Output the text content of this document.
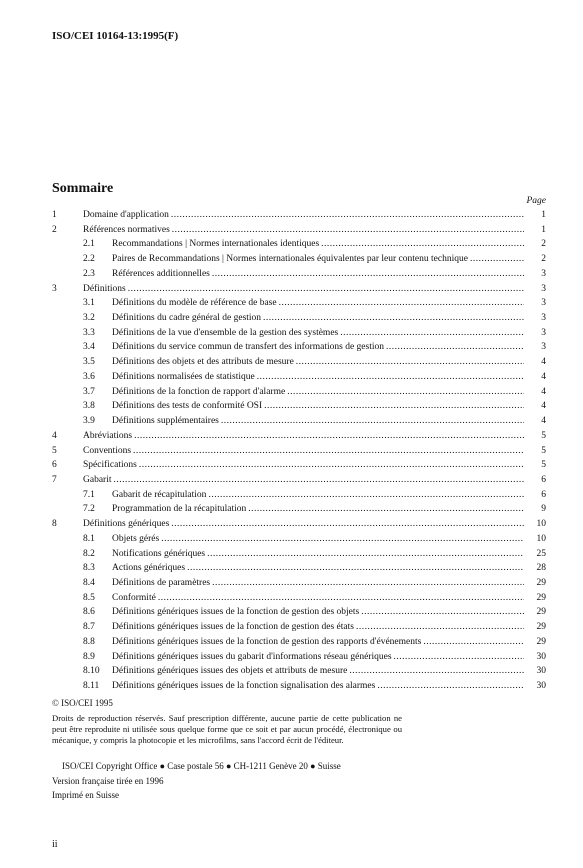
ISO/CEI 10164-13:1995(F)
Sommaire
Page
1	Domaine d'application .....	1
2	Références normatives .....	1
2.1 Recommandations | Normes internationales identiques .....	2
2.2 Paires de Recommandations | Normes internationales équivalentes par leur contenu technique .....	2
2.3 Références additionnelles .....	3
3	Définitions .....	3
3.1 Définitions du modèle de référence de base .....	3
3.2 Définitions du cadre général de gestion .....	3
3.3 Définitions de la vue d'ensemble de la gestion des systèmes .....	3
3.4 Définitions du service commun de transfert des informations de gestion .....	3
3.5 Définitions des objets et des attributs de mesure .....	4
3.6 Définitions normalisées de statistique .....	4
3.7 Définitions de la fonction de rapport d'alarme .....	4
3.8 Définitions des tests de conformité OSI .....	4
3.9 Définitions supplémentaires .....	4
4	Abréviations .....	5
5	Conventions .....	5
6	Spécifications .....	5
7	Gabarit .....	6
7.1 Gabarit de récapitulation .....	6
7.2 Programmation de la récapitulation .....	9
8	Définitions génériques .....	10
8.1 Objets gérés .....	10
8.2 Notifications génériques .....	25
8.3 Actions génériques .....	28
8.4 Définitions de paramètres .....	29
8.5 Conformité .....	29
8.6 Définitions génériques issues de la fonction de gestion des objets .....	29
8.7 Définitions génériques issues de la fonction de gestion des états .....	29
8.8 Définitions génériques issues de la fonction de gestion des rapports d'événements .....	29
8.9 Définitions génériques issues du gabarit d'informations réseau génériques .....	30
8.10 Définitions génériques issues des objets et attributs de mesure .....	30
8.11 Définitions génériques issues de la fonction signalisation des alarmes .....	30
© ISO/CEI 1995
Droits de reproduction réservés. Sauf prescription différente, aucune partie de cette publication ne peut être reproduite ni utilisée sous quelque forme que ce soit et par aucun procédé, électronique ou mécanique, y compris la photocopie et les microfilms, sans l'accord écrit de l'éditeur.
ISO/CEI Copyright Office ● Case postale 56 ● CH-1211 Genève 20 ● Suisse
Version française tirée en 1996
Imprimé en Suisse
ii
